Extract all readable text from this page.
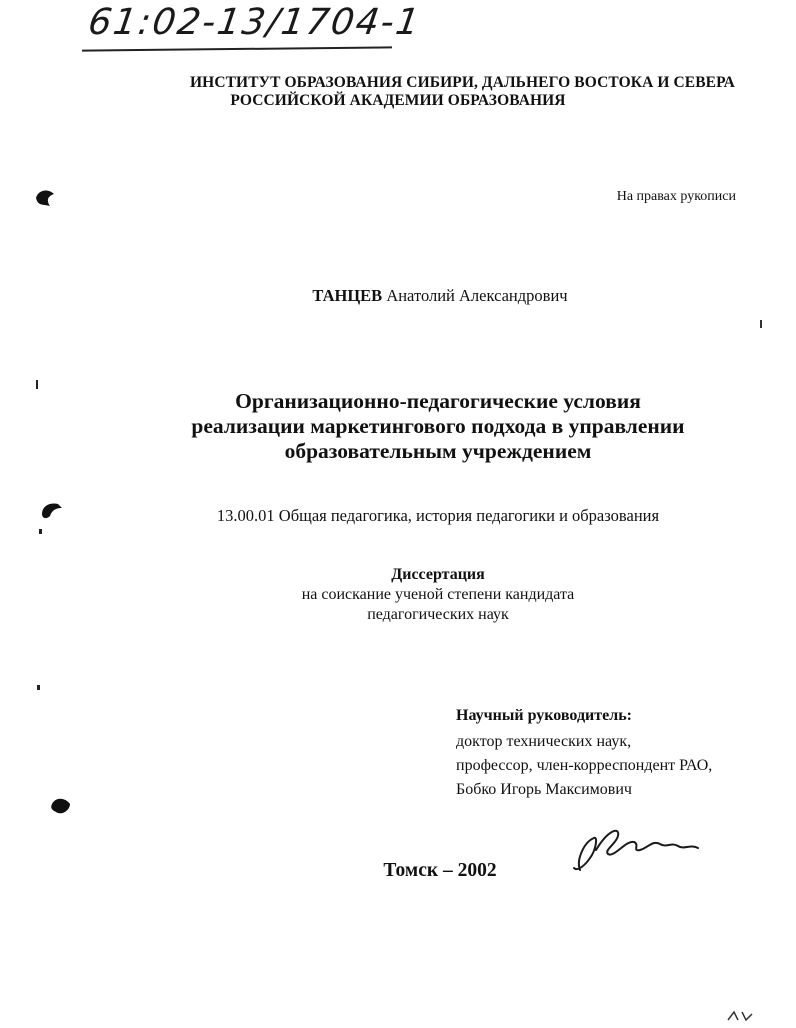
61:02-13/1704-1
ИНСТИТУТ ОБРАЗОВАНИЯ СИБИРИ, ДАЛЬНЕГО ВОСТОКА И СЕВЕРА
РОССИЙСКОЙ АКАДЕМИИ ОБРАЗОВАНИЯ
На правах рукописи
ТАНЦЕВ Анатолий Александрович
Организационно-педагогические условия
реализации маркетингового подхода в управлении
образовательным учреждением
13.00.01 Общая педагогика, история педагогики и образования
Диссертация
на соискание ученой степени кандидата
педагогических наук
Научный руководитель:
доктор технических наук,
профессор, член-корреспондент РАО,
Бобко Игорь Максимович
Томск – 2002
